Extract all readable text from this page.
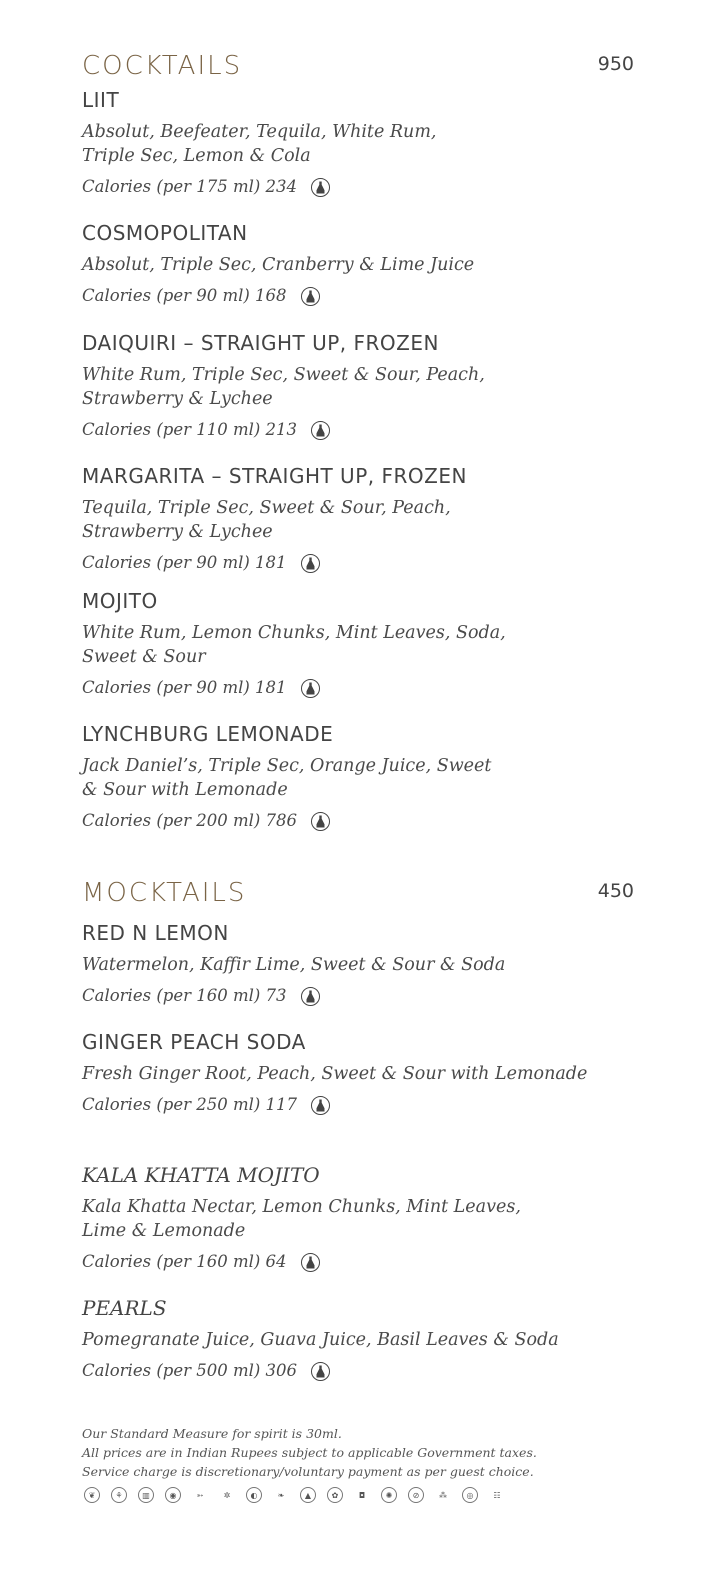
COCKTAILS	950
LIIT
Absolut, Beefeater, Tequila, White Rum,
Triple Sec, Lemon & Cola
Calories (per 175 ml) 234
COSMOPOLITAN
Absolut, Triple Sec, Cranberry & Lime Juice
Calories (per 90 ml) 168
DAIQUIRI – STRAIGHT UP, FROZEN
White Rum, Triple Sec, Sweet & Sour, Peach,
Strawberry & Lychee
Calories (per 110 ml) 213
MARGARITA – STRAIGHT UP, FROZEN
Tequila, Triple Sec, Sweet & Sour, Peach,
Strawberry & Lychee
Calories (per 90 ml) 181
MOJITO
White Rum, Lemon Chunks, Mint Leaves, Soda,
Sweet & Sour
Calories (per 90 ml) 181
LYNCHBURG LEMONADE
Jack Daniel’s, Triple Sec, Orange Juice, Sweet
& Sour with Lemonade
Calories (per 200 ml) 786
MOCKTAILS	450
RED N LEMON
Watermelon, Kaffir Lime, Sweet & Sour & Soda
Calories (per 160 ml) 73
GINGER PEACH SODA
Fresh Ginger Root, Peach, Sweet & Sour with Lemonade
Calories (per 250 ml) 117
KALA KHATTA MOJITO
Kala Khatta Nectar, Lemon Chunks, Mint Leaves,
Lime & Lemonade
Calories (per 160 ml) 64
PEARLS
Pomegranate Juice, Guava Juice, Basil Leaves & Soda
Calories (per 500 ml) 306

Our Standard Measure for spirit is 30ml.

All prices are in Indian Rupees subject to applicable Government taxes.

Service charge is discretionary/voluntary payment as per guest choice.

❦	⚘	▥	◉	➳	✲	◐	❧	▲	✿	◘	✺	⊘	⁂	◎	☷
